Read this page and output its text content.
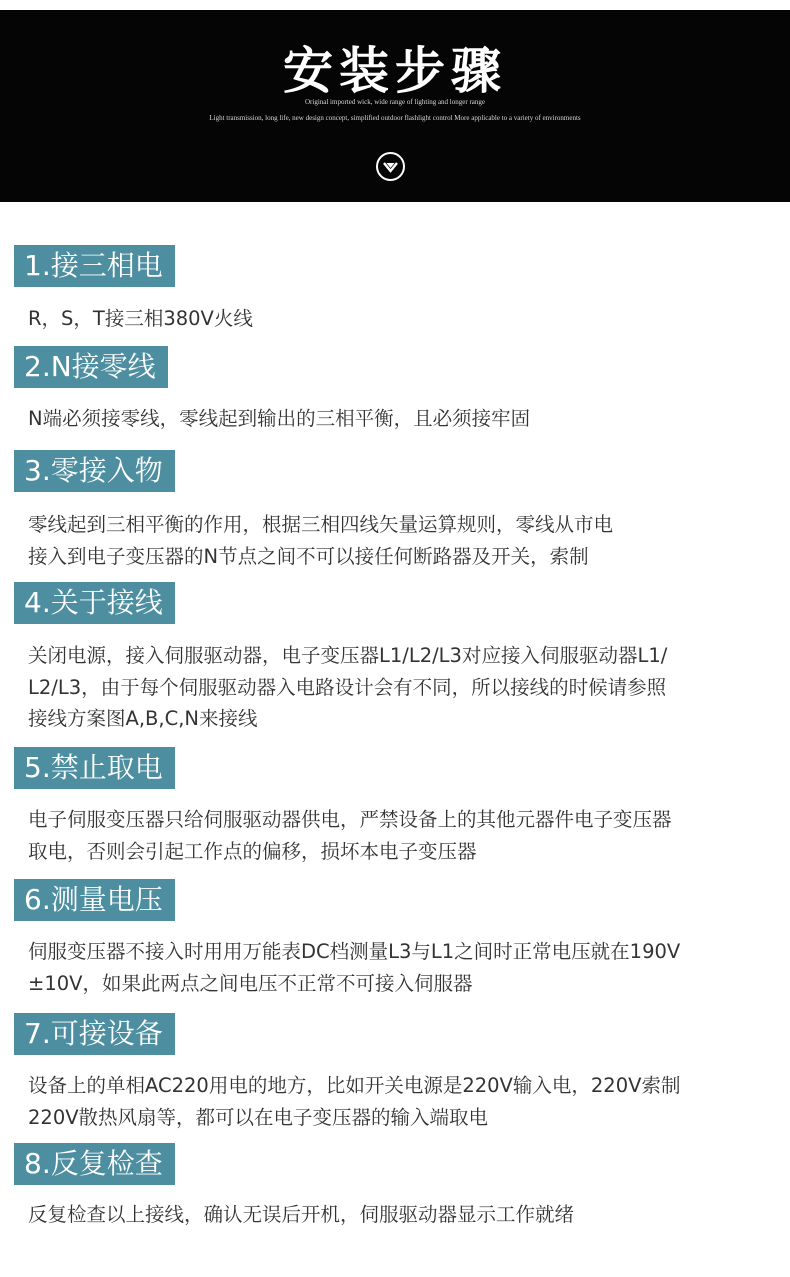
安装步骤
Original imported wick, wide range of lighting and longer range
Light transmission, long life, new design concept, simplified outdoor flashlight control More applicable to a variety of environments
1.接三相电
R，S，T接三相380V火线
2.N接零线
N端必须接零线，零线起到输出的三相平衡，且必须接牢固
3.零接入物
零线起到三相平衡的作用，根据三相四线矢量运算规则，零线从市电
接入到电子变压器的N节点之间不可以接任何断路器及开关，索制
4.关于接线
关闭电源，接入伺服驱动器，电子变压器L1/L2/L3对应接入伺服驱动器L1/
L2/L3，由于每个伺服驱动器入电路设计会有不同，所以接线的时候请参照
接线方案图A,B,C,N来接线
5.禁止取电
电子伺服变压器只给伺服驱动器供电，严禁设备上的其他元器件电子变压器
取电，否则会引起工作点的偏移，损坏本电子变压器
6.测量电压
伺服变压器不接入时用用万能表DC档测量L3与L1之间时正常电压就在190V
±10V，如果此两点之间电压不正常不可接入伺服器
7.可接设备
设备上的单相AC220用电的地方，比如开关电源是220V输入电，220V索制
220V散热风扇等，都可以在电子变压器的输入端取电
8.反复检查
反复检查以上接线，确认无误后开机，伺服驱动器显示工作就绪
